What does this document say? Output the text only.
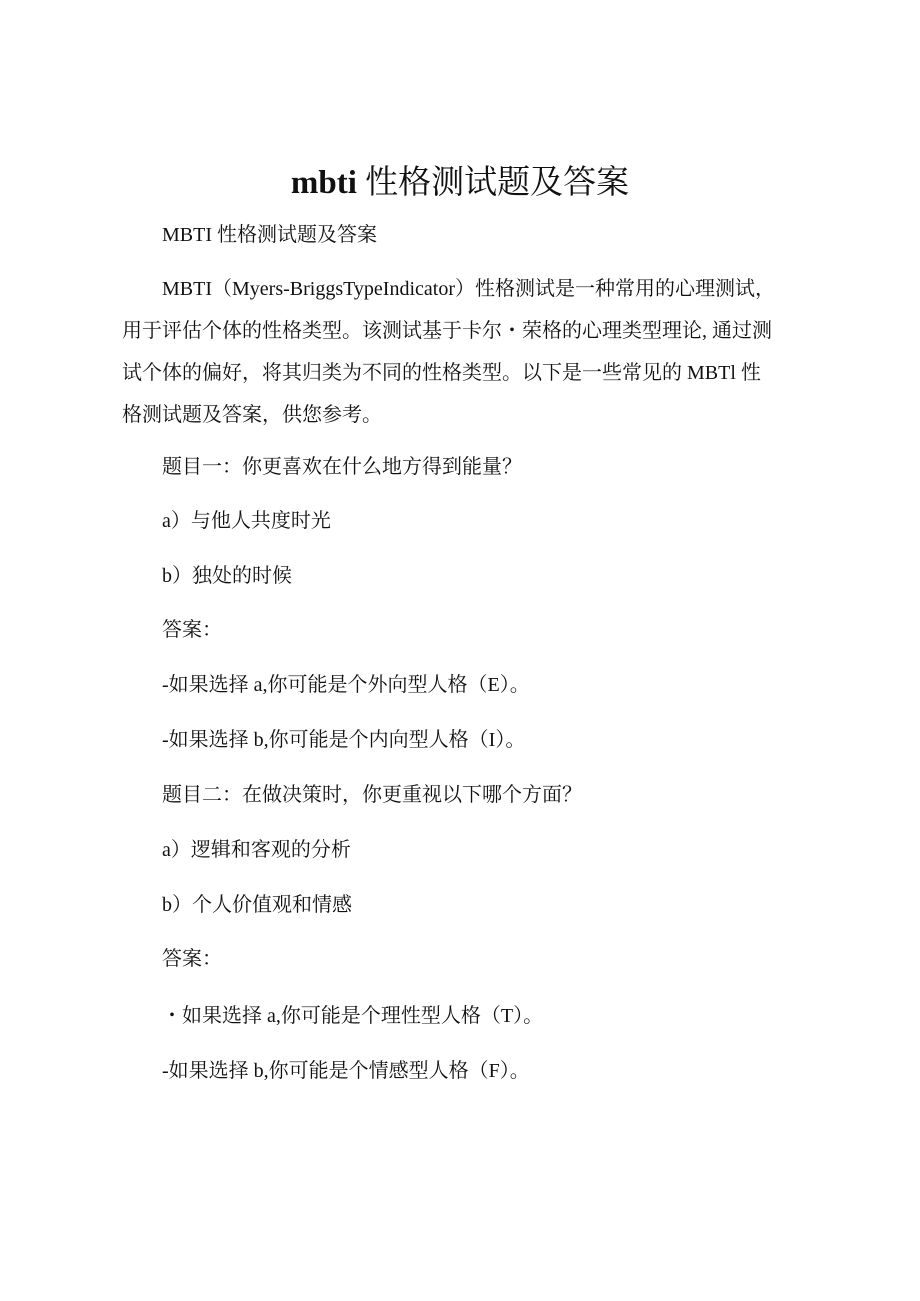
mbti 性格测试题及答案
MBTI 性格测试题及答案
MBTI（Myers-BriggsTypeIndicator）性格测试是一种常用的心理测试，
用于评估个体的性格类型。该测试基于卡尔・荣格的心理类型理论, 通过测
试个体的偏好，将其归类为不同的性格类型。以下是一些常见的 MBTl 性
格测试题及答案，供您参考。
题目一：你更喜欢在什么地方得到能量？
a）与他人共度时光
b）独处的时候
答案：
-如果选择 a,你可能是个外向型人格（E）。
-如果选择 b,你可能是个内向型人格（I）。
题目二：在做决策时，你更重视以下哪个方面？
a）逻辑和客观的分析
b）个人价值观和情感
答案：
・如果选择 a,你可能是个理性型人格（T）。
-如果选择 b,你可能是个情感型人格（F）。
